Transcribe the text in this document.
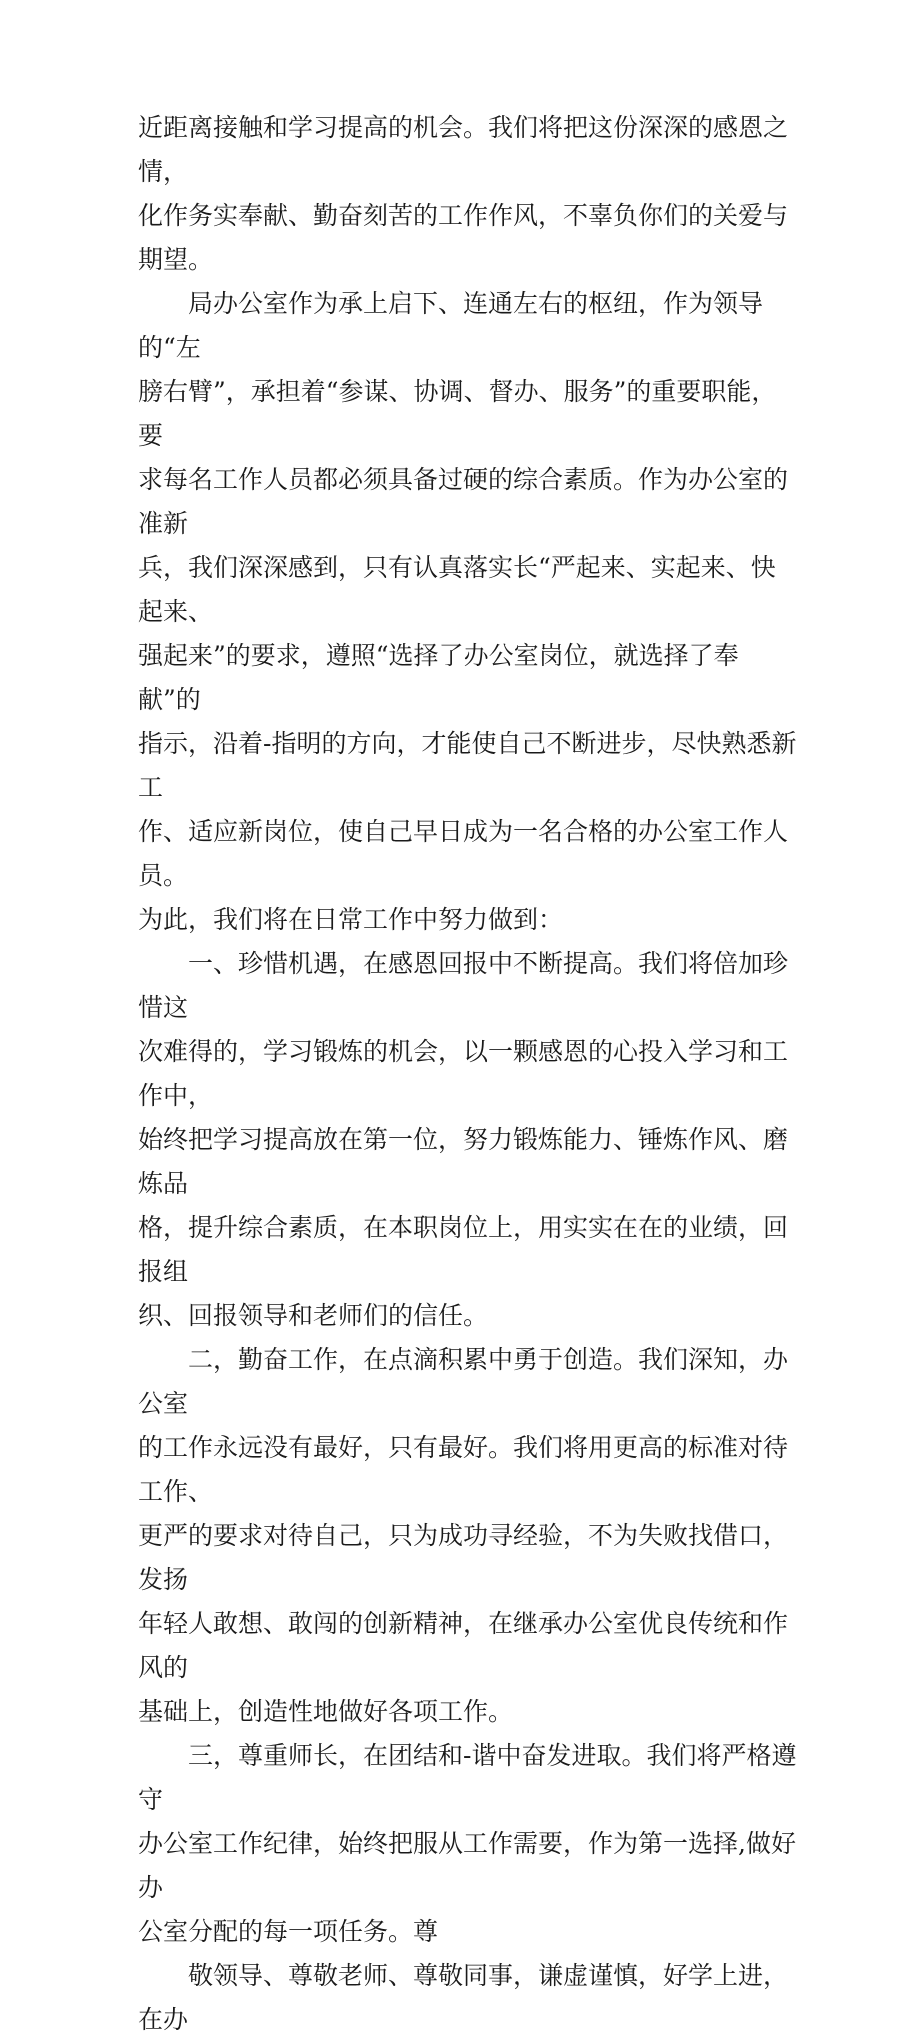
近距离接触和学习提高的机会。我们将把这份深深的感恩之情，
化作务实奉献、勤奋刻苦的工作作风，不辜负你们的关爱与期望。

　　局办公室作为承上启下、连通左右的枢纽，作为领导的“左
膀右臂”，承担着“参谋、协调、督办、服务”的重要职能，要
求每名工作人员都必须具备过硬的综合素质。作为办公室的准新
兵，我们深深感到，只有认真落实长“严起来、实起来、快起来、
强起来”的要求，遵照“选择了办公室岗位，就选择了奉献”的
指示，沿着-指明的方向，才能使自己不断进步，尽快熟悉新工
作、适应新岗位，使自己早日成为一名合格的办公室工作人员。
为此，我们将在日常工作中努力做到：

　　一、珍惜机遇，在感恩回报中不断提高。我们将倍加珍惜这
次难得的，学习锻炼的机会，以一颗感恩的心投入学习和工作中，
始终把学习提高放在第一位，努力锻炼能力、锤炼作风、磨炼品
格，提升综合素质，在本职岗位上，用实实在在的业绩，回报组
织、回报领导和老师们的信任。

　　二，勤奋工作，在点滴积累中勇于创造。我们深知，办公室
的工作永远没有最好，只有最好。我们将用更高的标准对待工作、
更严的要求对待自己，只为成功寻经验，不为失败找借口，发扬
年轻人敢想、敢闯的创新精神，在继承办公室优良传统和作风的
基础上，创造性地做好各项工作。

　　三，尊重师长，在团结和-谐中奋发进取。我们将严格遵守
办公室工作纪律，始终把服从工作需要，作为第一选择,做好办
公室分配的每一项任务。尊

　　敬领导、尊敬老师、尊敬同事，谦虚谨慎，好学上进，在办
